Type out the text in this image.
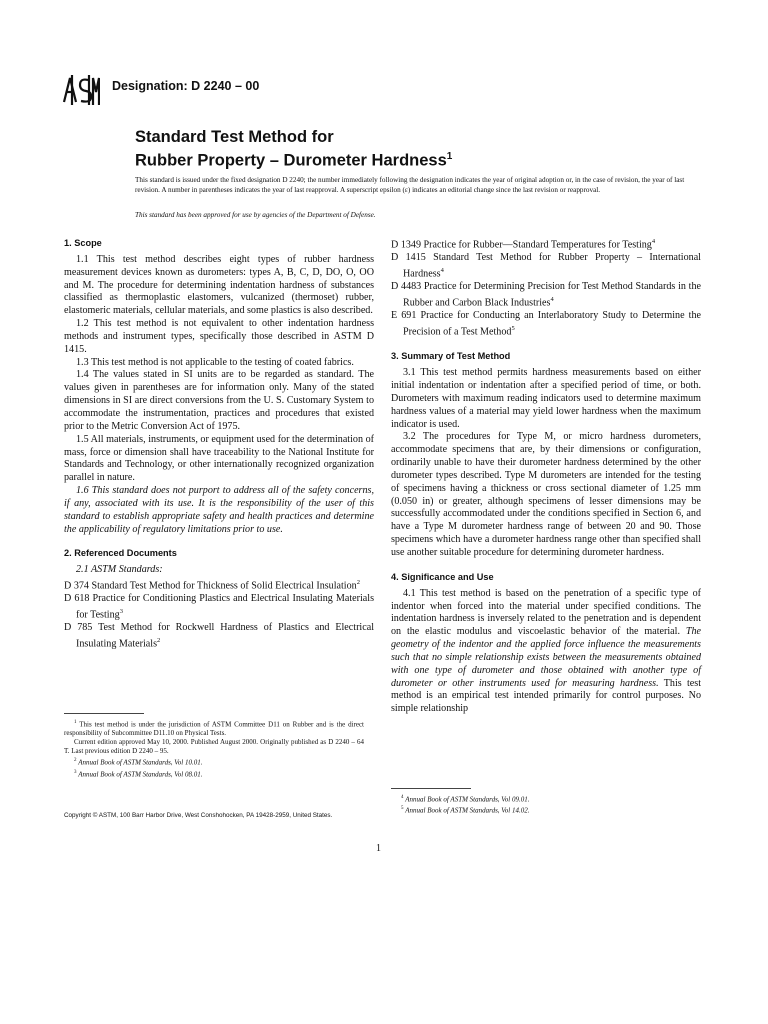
Designation: D 2240 – 00
Standard Test Method for
Rubber Property – Durometer Hardness$^1$
This standard is issued under the fixed designation D 2240; the number immediately following the designation indicates the year of original adoption or, in the case of revision, the year of last revision. A number in parentheses indicates the year of last reapproval. A superscript epsilon (ε) indicates an editorial change since the last revision or reapproval.
This standard has been approved for use by agencies of the Department of Defense.
1. Scope

1.1 This test method describes eight types of rubber hardness measurement devices known as durometers: types A, B, C, D, DO, O, OO and M. The procedure for determining indentation hardness of substances classified as thermoplastic elastomers, vulcanized (thermoset) rubber, elastomeric materials, cellular materials, and some plastics is also described.

1.2 This test method is not equivalent to other indentation hardness methods and instrument types, specifically those described in ASTM D 1415.

1.3 This test method is not applicable to the testing of coated fabrics.

1.4 The values stated in SI units are to be regarded as standard. The values given in parentheses are for information only. Many of the stated dimensions in SI are direct conversions from the U. S. Customary System to accommodate the instrumentation, practices and procedures that existed prior to the Metric Conversion Act of 1975.

1.5 All materials, instruments, or equipment used for the determination of mass, force or dimension shall have traceability to the National Institute for Standards and Technology, or other internationally recognized organization parallel in nature.

1.6 This standard does not purport to address all of the safety concerns, if any, associated with its use. It is the responsibility of the user of this standard to establish appropriate safety and health practices and determine the applicability of regulatory limitations prior to use.

2. Referenced Documents

2.1 ASTM Standards:

D 374 Standard Test Method for Thickness of Solid Electrical Insulation$^2$

D 618 Practice for Conditioning Plastics and Electrical Insulating Materials for Testing$^3$

D 785 Test Method for Rockwell Hardness of Plastics and Electrical Insulating Materials$^2$

D 1349 Practice for Rubber—Standard Temperatures for Testing$^4$

D 1415 Standard Test Method for Rubber Property – International Hardness$^4$

D 4483 Practice for Determining Precision for Test Method Standards in the Rubber and Carbon Black Industries$^4$

E 691 Practice for Conducting an Interlaboratory Study to Determine the Precision of a Test Method$^5$

3. Summary of Test Method

3.1 This test method permits hardness measurements based on either initial indentation or indentation after a specified period of time, or both. Durometers with maximum reading indicators used to determine maximum hardness values of a material may yield lower hardness when the maximum indicator is used.

3.2 The procedures for Type M, or micro hardness durometers, accommodate specimens that are, by their dimensions or configuration, ordinarily unable to have their durometer hardness determined by the other durometer types described. Type M durometers are intended for the testing of specimens having a thickness or cross sectional diameter of 1.25 mm (0.050 in) or greater, although specimens of lesser dimensions may be successfully accommodated under the conditions specified in Section 6, and have a Type M durometer hardness range of between 20 and 90. Those specimens which have a durometer hardness range other than specified shall use another suitable procedure for determining durometer hardness.

4. Significance and Use

4.1 This test method is based on the penetration of a specific type of indentor when forced into the material under specified conditions. The indentation hardness is inversely related to the penetration and is dependent on the elastic modulus and viscoelastic behavior of the material. The geometry of the indentor and the applied force influence the measurements such that no simple relationship exists between the measurements obtained with one type of durometer and those obtained with another type of durometer or other instruments used for measuring hardness. This test method is an empirical test intended primarily for control purposes. No simple relationship

$^1$ This test method is under the jurisdiction of ASTM Committee D11 on Rubber and is the direct responsibility of Subcommittee D11.10 on Physical Tests.

Current edition approved May 10, 2000. Published August 2000. Originally published as D 2240 – 64 T. Last previous edition D 2240 – 95.

$^2$ Annual Book of ASTM Standards, Vol 10.01.

$^3$ Annual Book of ASTM Standards, Vol 08.01.

$^4$ Annual Book of ASTM Standards, Vol 09.01.

$^5$ Annual Book of ASTM Standards, Vol 14.02.

Copyright © ASTM, 100 Barr Harbor Drive, West Conshohocken, PA 19428-2959, United States.
1
